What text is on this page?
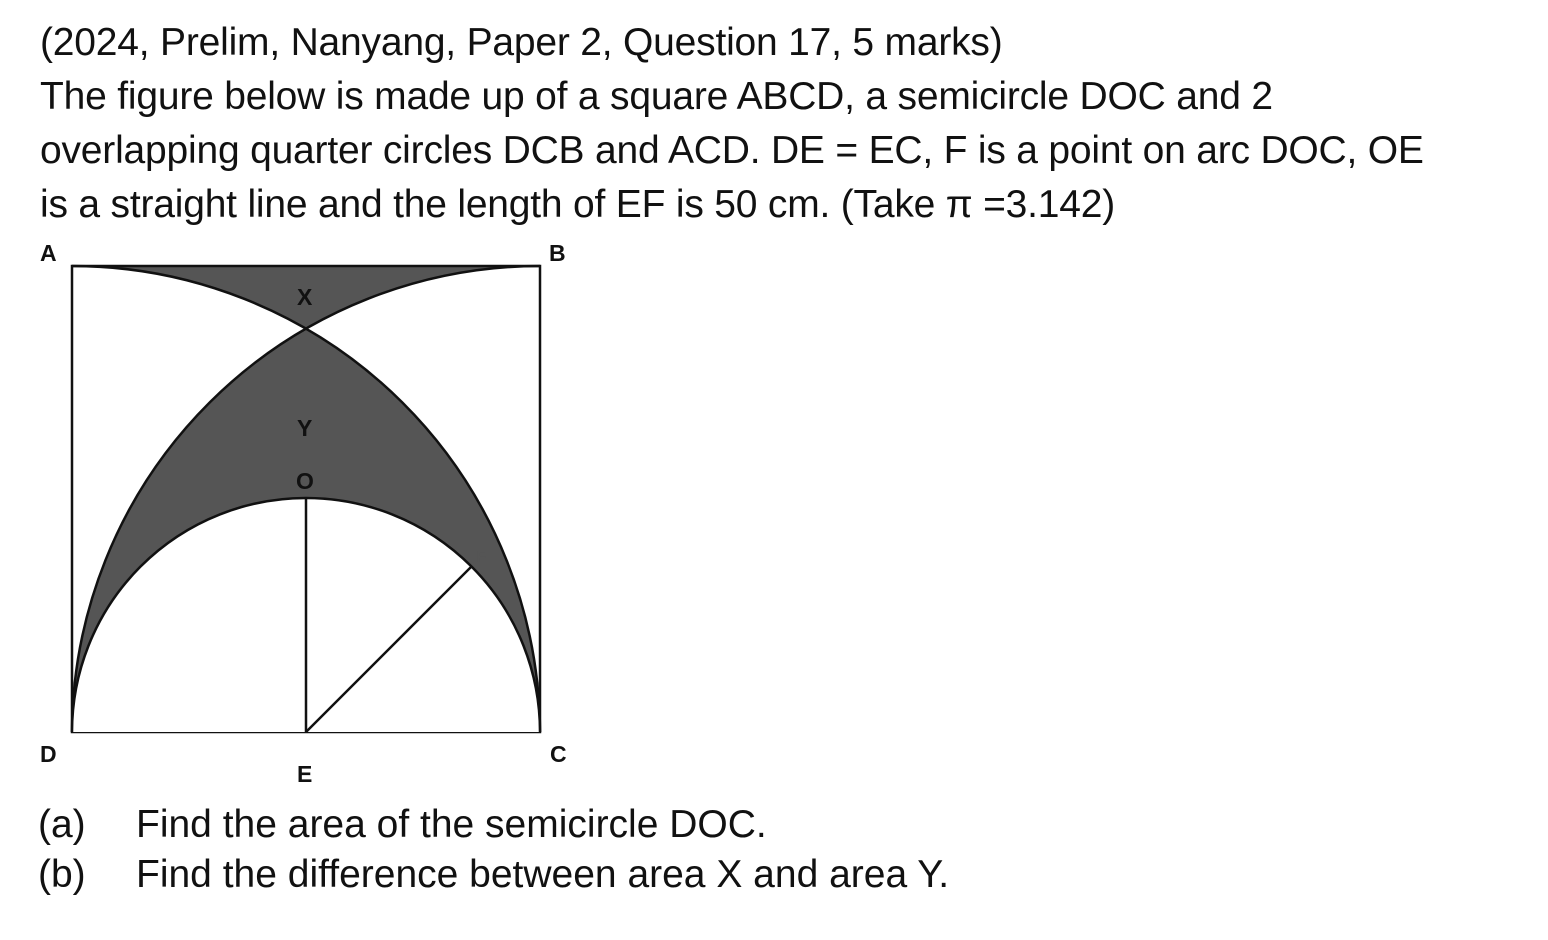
(2024, Prelim, Nanyang, Paper 2, Question 17, 5 marks)
The figure below is made up of a square ABCD, a semicircle DOC and 2
overlapping quarter circles DCB and ACD. DE = EC, F is a point on arc DOC, OE
is a straight line and the length of EF is 50 cm. (Take π =3.142)
A	B
D	C
E
X
Y
O
F
(a) Find the area of the semicircle DOC.
(b) Find the difference between area X and area Y.
